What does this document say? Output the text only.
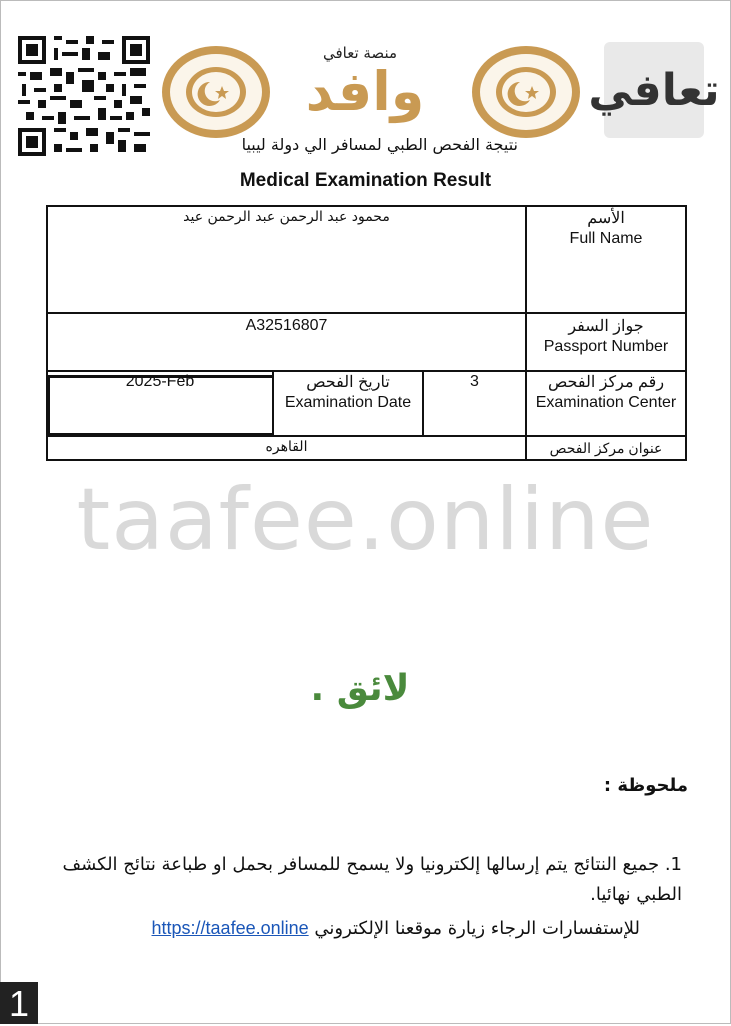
منصة تعافي
وافد	تعافي
نتيجة الفحص الطبي لمسافر الي دولة ليبيا
Medical Examination Result
الأسم
Full Name
محمود عبد الرحمن عبد الرحمن عيد
جواز السفر
Passport Number
A32516807
رقم مركز الفحص
Examination Center
3
تاريخ الفحص
Examination Date
2025-Feb
عنوان مركز الفحص
القاهره
taafee.online
لائق .
ملحوظة :
1. جميع النتائج يتم إرسالها إلكترونيا ولا يسمح للمسافر بحمل او طباعة نتائج الكشف الطبي نهائيا.
للإستفسارات الرجاء زيارة موقعنا الإلكتروني https://taafee.online
1
